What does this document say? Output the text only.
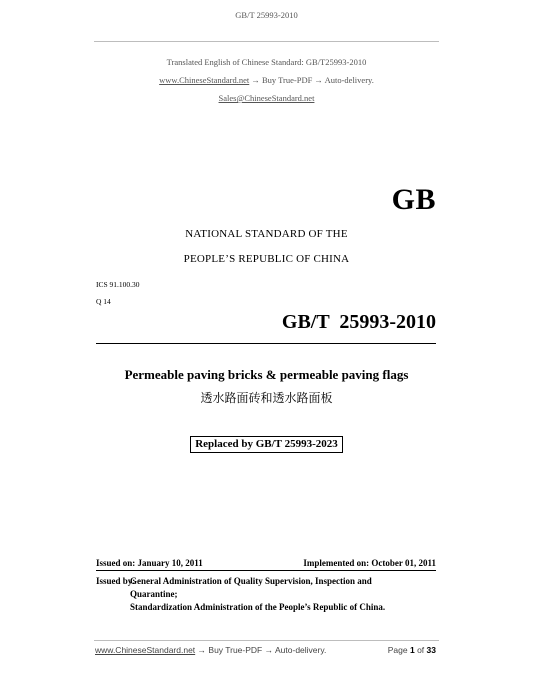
GB/T 25993-2010
Translated English of Chinese Standard: GB/T25993-2010
www.ChineseStandard.net → Buy True-PDF → Auto-delivery.
Sales@ChineseStandard.net
GB
NATIONAL STANDARD OF THE
PEOPLE’S REPUBLIC OF CHINA
ICS 91.100.30
Q 14
GB/T  25993-2010
Permeable paving bricks & permeable paving flags
透水路面砖和透水路面板
Replaced by GB/T 25993-2023
Issued on: January 10, 2011	Implemented on: October 01, 2011
Issued by:
General Administration of Quality Supervision, Inspection and
Quarantine;
Standardization Administration of the People’s Republic of China.
www.ChineseStandard.net → Buy True-PDF → Auto-delivery.	Page 1 of 33
